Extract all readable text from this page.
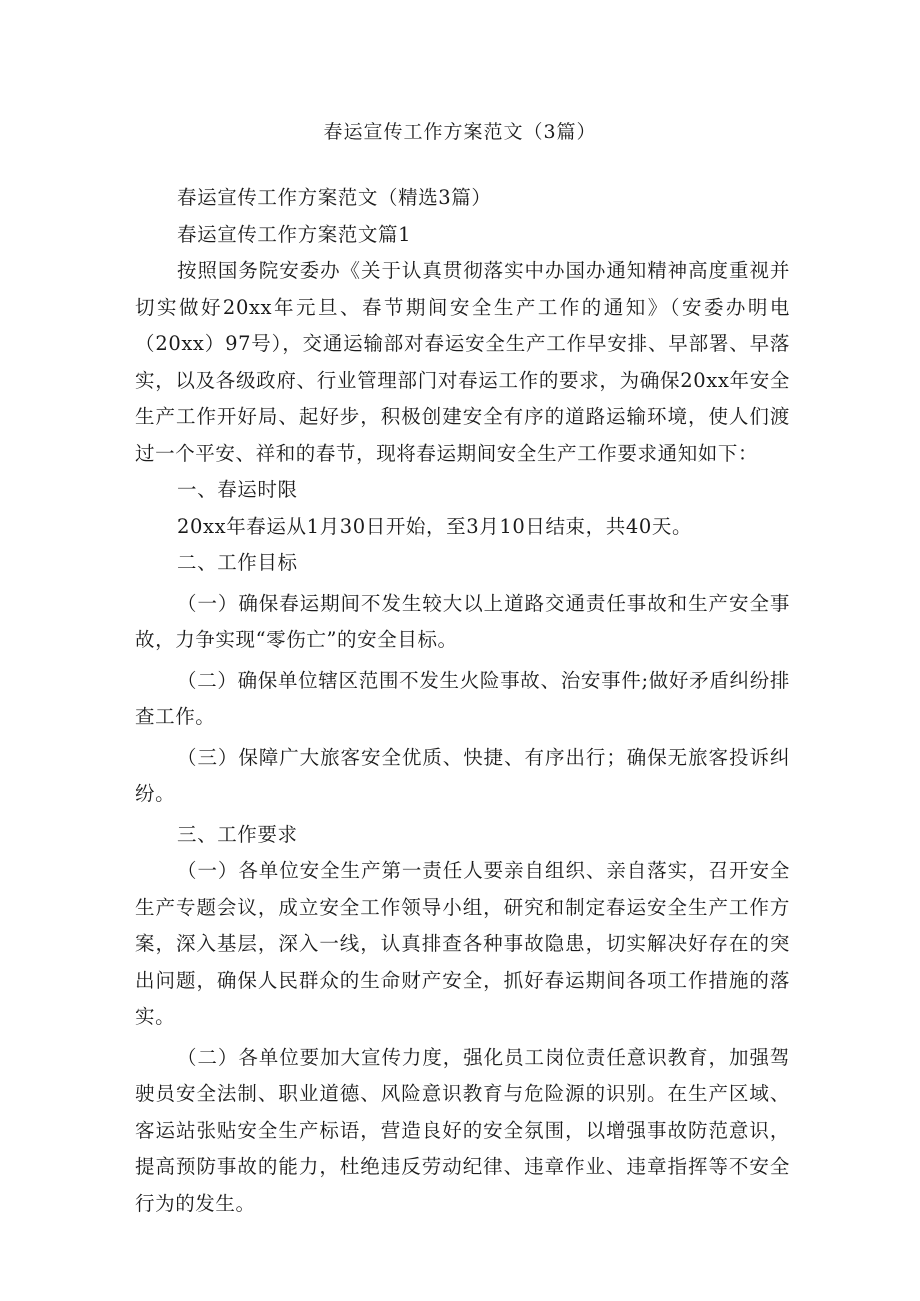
春运宣传工作方案范文（3篇）

春运宣传工作方案范文（精选3篇）

春运宣传工作方案范文篇1

按照国务院安委办《关于认真贯彻落实中办国办通知精神高度重视并切实做好20xx年元旦、春节期间安全生产工作的通知》（安委办明电（20xx）97号），交通运输部对春运安全生产工作早安排、早部署、早落实，以及各级政府、行业管理部门对春运工作的要求，为确保20xx年安全生产工作开好局、起好步，积极创建安全有序的道路运输环境，使人们渡过一个平安、祥和的春节，现将春运期间安全生产工作要求通知如下：

一、春运时限

20xx年春运从1月30日开始，至3月10日结束，共40天。

二、工作目标

（一）确保春运期间不发生较大以上道路交通责任事故和生产安全事故，力争实现“零伤亡”的安全目标。

（二）确保单位辖区范围不发生火险事故、治安事件;做好矛盾纠纷排查工作。

（三）保障广大旅客安全优质、快捷、有序出行；确保无旅客投诉纠纷。

三、工作要求

（一）各单位安全生产第一责任人要亲自组织、亲自落实，召开安全生产专题会议，成立安全工作领导小组，研究和制定春运安全生产工作方案，深入基层，深入一线，认真排查各种事故隐患，切实解决好存在的突出问题，确保人民群众的生命财产安全，抓好春运期间各项工作措施的落实。

（二）各单位要加大宣传力度，强化员工岗位责任意识教育，加强驾驶员安全法制、职业道德、风险意识教育与危险源的识别。在生产区域、客运站张贴安全生产标语，营造良好的安全氛围，以增强事故防范意识，提高预防事故的能力，杜绝违反劳动纪律、违章作业、违章指挥等不安全行为的发生。
